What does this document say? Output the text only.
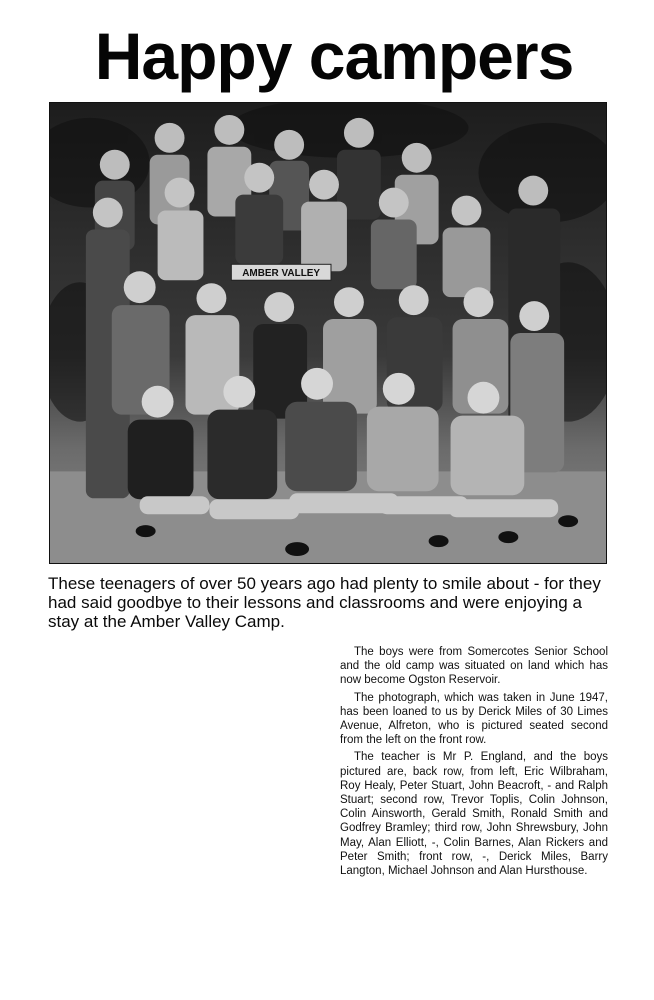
Happy campers
AMBER VALLEY

These teenagers of over 50 years ago had plenty to smile about - for they had said goodbye to their lessons and classrooms and were enjoying a stay at the Amber Valley Camp.

The boys were from Somercotes Senior School and the old camp was situated on land which has now become Ogston Reservoir.

The photograph, which was taken in June 1947, has been loaned to us by Derick Miles of 30 Limes Avenue, Alfreton, who is pictured seated second from the left on the front row.

The teacher is Mr P. England, and the boys pictured are, back row, from left, Eric Wilbraham, Roy Healy, Peter Stuart, John Beacroft, - and Ralph Stuart; second row, Trevor Toplis, Colin Johnson, Colin Ainsworth, Gerald Smith, Ronald Smith and Godfrey Bramley; third row, John Shrewsbury, John May, Alan Elliott, -, Colin Barnes, Alan Rickers and Peter Smith; front row, -, Derick Miles, Barry Langton, Michael Johnson and Alan Hursthouse.
